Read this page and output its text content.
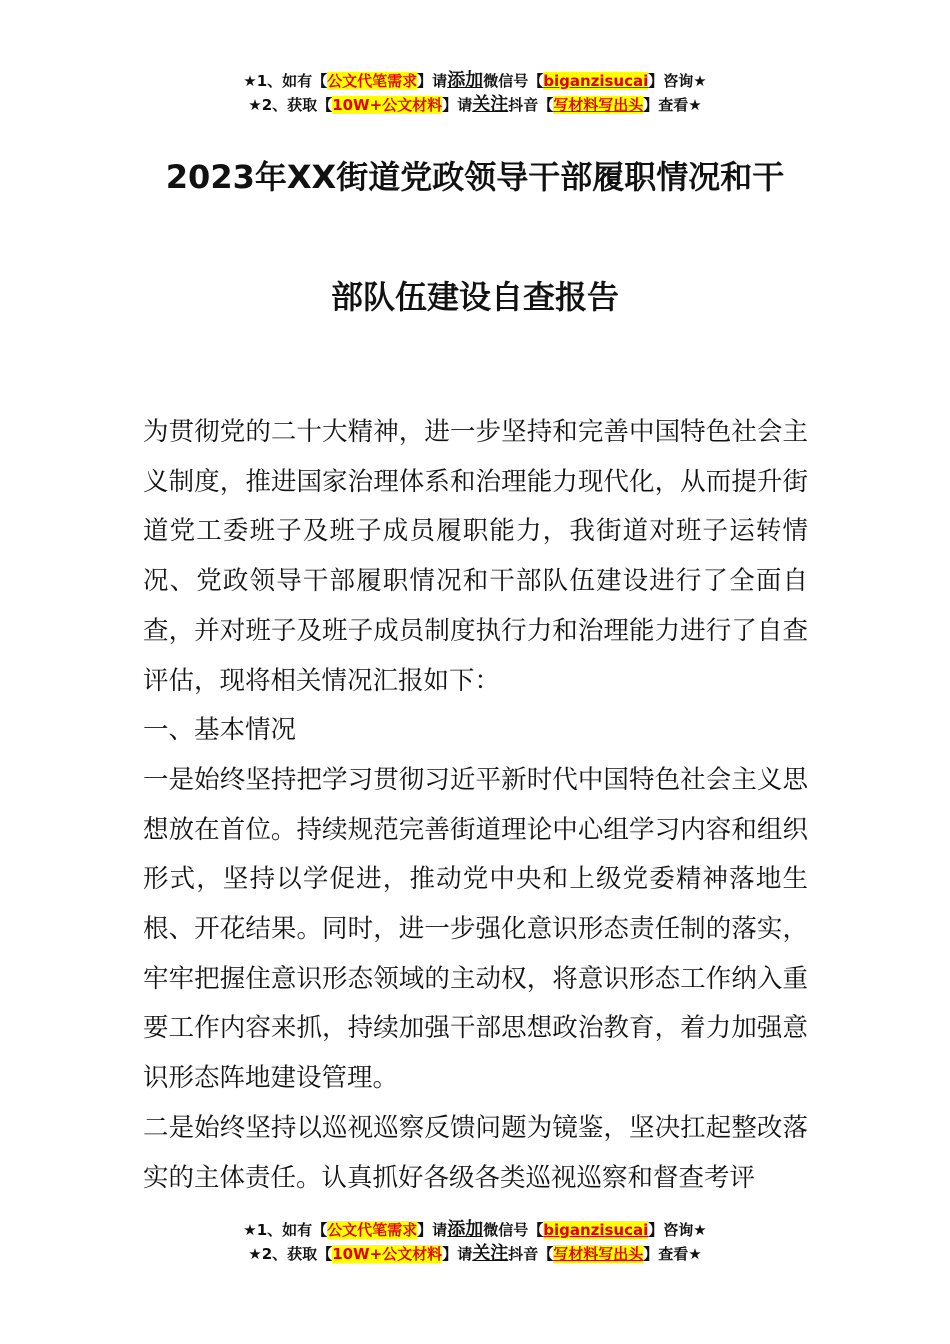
★1、如有【公文代笔需求】请添加微信号【biganzisucai】咨询★
★2、获取【10W+公文材料】请关注抖音【写材料写出头】查看★
2023年XX街道党政领导干部履职情况和干
部队伍建设自查报告

为贯彻党的二十大精神，进一步坚持和完善中国特色社会主义制度，推进国家治理体系和治理能力现代化，从而提升街道党工委班子及班子成员履职能力，我街道对班子运转情况、党政领导干部履职情况和干部队伍建设进行了全面自查，并对班子及班子成员制度执行力和治理能力进行了自查评估，现将相关情况汇报如下：

一、基本情况

一是始终坚持把学习贯彻习近平新时代中国特色社会主义思想放在首位。持续规范完善街道理论中心组学习内容和组织形式，坚持以学促进，推动党中央和上级党委精神落地生根、开花结果。同时，进一步强化意识形态责任制的落实，牢牢把握住意识形态领域的主动权，将意识形态工作纳入重要工作内容来抓，持续加强干部思想政治教育，着力加强意识形态阵地建设管理。

二是始终坚持以巡视巡察反馈问题为镜鉴，坚决扛起整改落实的主体责任。认真抓好各级各类巡视巡察和督查考评

★1、如有【公文代笔需求】请添加微信号【biganzisucai】咨询★
★2、获取【10W+公文材料】请关注抖音【写材料写出头】查看★
